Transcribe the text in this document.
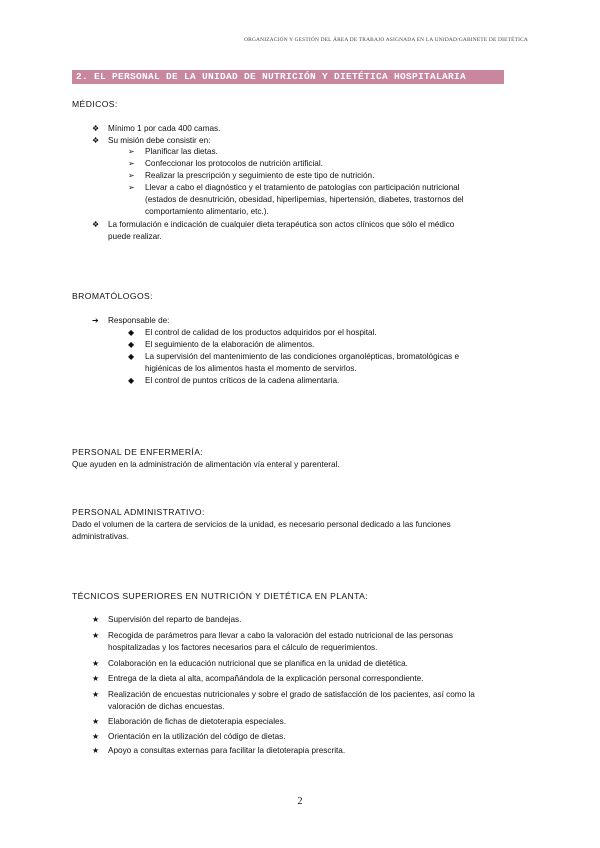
ORGANIZACIÓN Y GESTIÓN DEL ÁREA DE TRABAJO ASIGNADA EN LA UNIDAD/GABINETE DE DIETÉTICA
2. EL PERSONAL DE LA UNIDAD DE NUTRICIÓN Y DIETÉTICA HOSPITALARIA
MÉDICOS:
❖ Mínimo 1 por cada 400 camas.
❖ Su misión debe consistir en:
➢ Planificar las dietas.
➢ Confeccionar los protocolos de nutrición artificial.
➢ Realizar la prescripción y seguimiento de este tipo de nutrición.
➢ Llevar a cabo el diagnóstico y el tratamiento de patologías con participación nutricional
(estados de desnutrición, obesidad, hiperlipemias, hipertensión, diabetes, trastornos del
comportamiento alimentario, etc.).
❖ La formulación e indicación de cualquier dieta terapéutica son actos clínicos que sólo el médico
puede realizar.
BROMATÓLOGOS:
➔ Responsable de:
◆ El control de calidad de los productos adquiridos por el hospital.
◆ El seguimiento de la elaboración de alimentos.
◆ La supervisión del mantenimiento de las condiciones organolépticas, bromatológicas e
higiénicas de los alimentos hasta el momento de servirlos.
◆ El control de puntos críticos de la cadena alimentaria.
PERSONAL DE ENFERMERÍA:
Que ayuden en la administración de alimentación vía enteral y parenteral.
PERSONAL ADMINISTRATIVO:
Dado el volumen de la cartera de servicios de la unidad, es necesario personal dedicado a las funciones
administrativas.
TÉCNICOS SUPERIORES EN NUTRICIÓN Y DIETÉTICA EN PLANTA:
★ Supervisión del reparto de bandejas.
★ Recogida de parámetros para llevar a cabo la valoración del estado nutricional de las personas
hospitalizadas y los factores necesarios para el cálculo de requerimientos.
★ Colaboración en la educación nutricional que se planifica en la unidad de dietética.
★ Entrega de la dieta al alta, acompañándola de la explicación personal correspondiente.
★ Realización de encuestas nutricionales y sobre el grado de satisfacción de los pacientes, así como la
valoración de dichas encuestas.
★ Elaboración de fichas de dietoterapia especiales.
★ Orientación en la utilización del código de dietas.
★ Apoyo a consultas externas para facilitar la dietoterapia prescrita.
2
